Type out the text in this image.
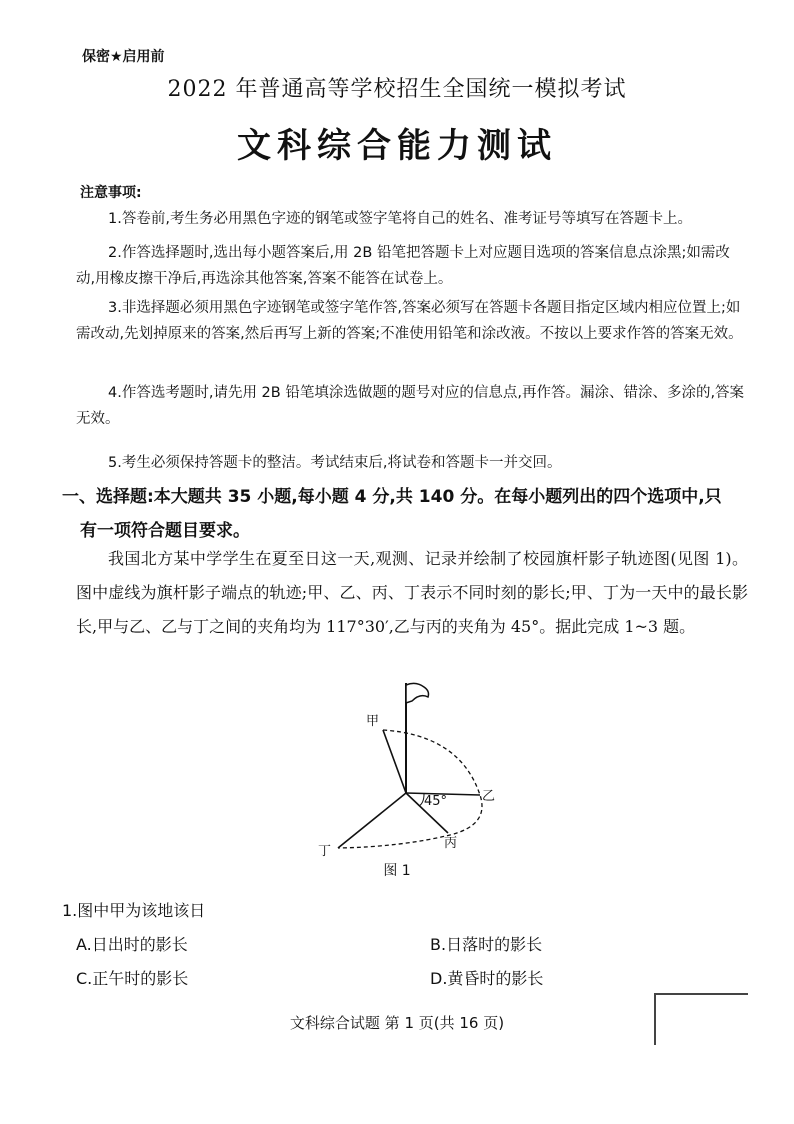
保密★启用前
2022 年普通高等学校招生全国统一模拟考试
文科综合能力测试
注意事项:
1.答卷前,考生务必用黑色字迹的钢笔或签字笔将自己的姓名、准考证号等填写在答题卡上。
2.作答选择题时,选出每小题答案后,用 2B 铅笔把答题卡上对应题目选项的答案信息点涂黑;如需改动,用橡皮擦干净后,再选涂其他答案,答案不能答在试卷上。
3.非选择题必须用黑色字迹钢笔或签字笔作答,答案必须写在答题卡各题目指定区域内相应位置上;如需改动,先划掉原来的答案,然后再写上新的答案;不准使用铅笔和涂改液。不按以上要求作答的答案无效。
4.作答选考题时,请先用 2B 铅笔填涂选做题的题号对应的信息点,再作答。漏涂、错涂、多涂的,答案无效。
5.考生必须保持答题卡的整洁。考试结束后,将试卷和答题卡一并交回。
一、选择题:本大题共 35 小题,每小题 4 分,共 140 分。在每小题列出的四个选项中,只
有一项符合题目要求。
我国北方某中学学生在夏至日这一天,观测、记录并绘制了校园旗杆影子轨迹图(见图 1)。图中虚线为旗杆影子端点的轨迹;甲、乙、丙、丁表示不同时刻的影长;甲、丁为一天中的最长影长,甲与乙、乙与丁之间的夹角均为 117°30′,乙与丙的夹角为 45°。据此完成 1~3 题。
45°
甲
乙
丙
丁
图 1
1.图中甲为该地该日
A.日出时的影长	B.日落时的影长
C.正午时的影长	D.黄昏时的影长
文科综合试题 第 1 页(共 16 页)
